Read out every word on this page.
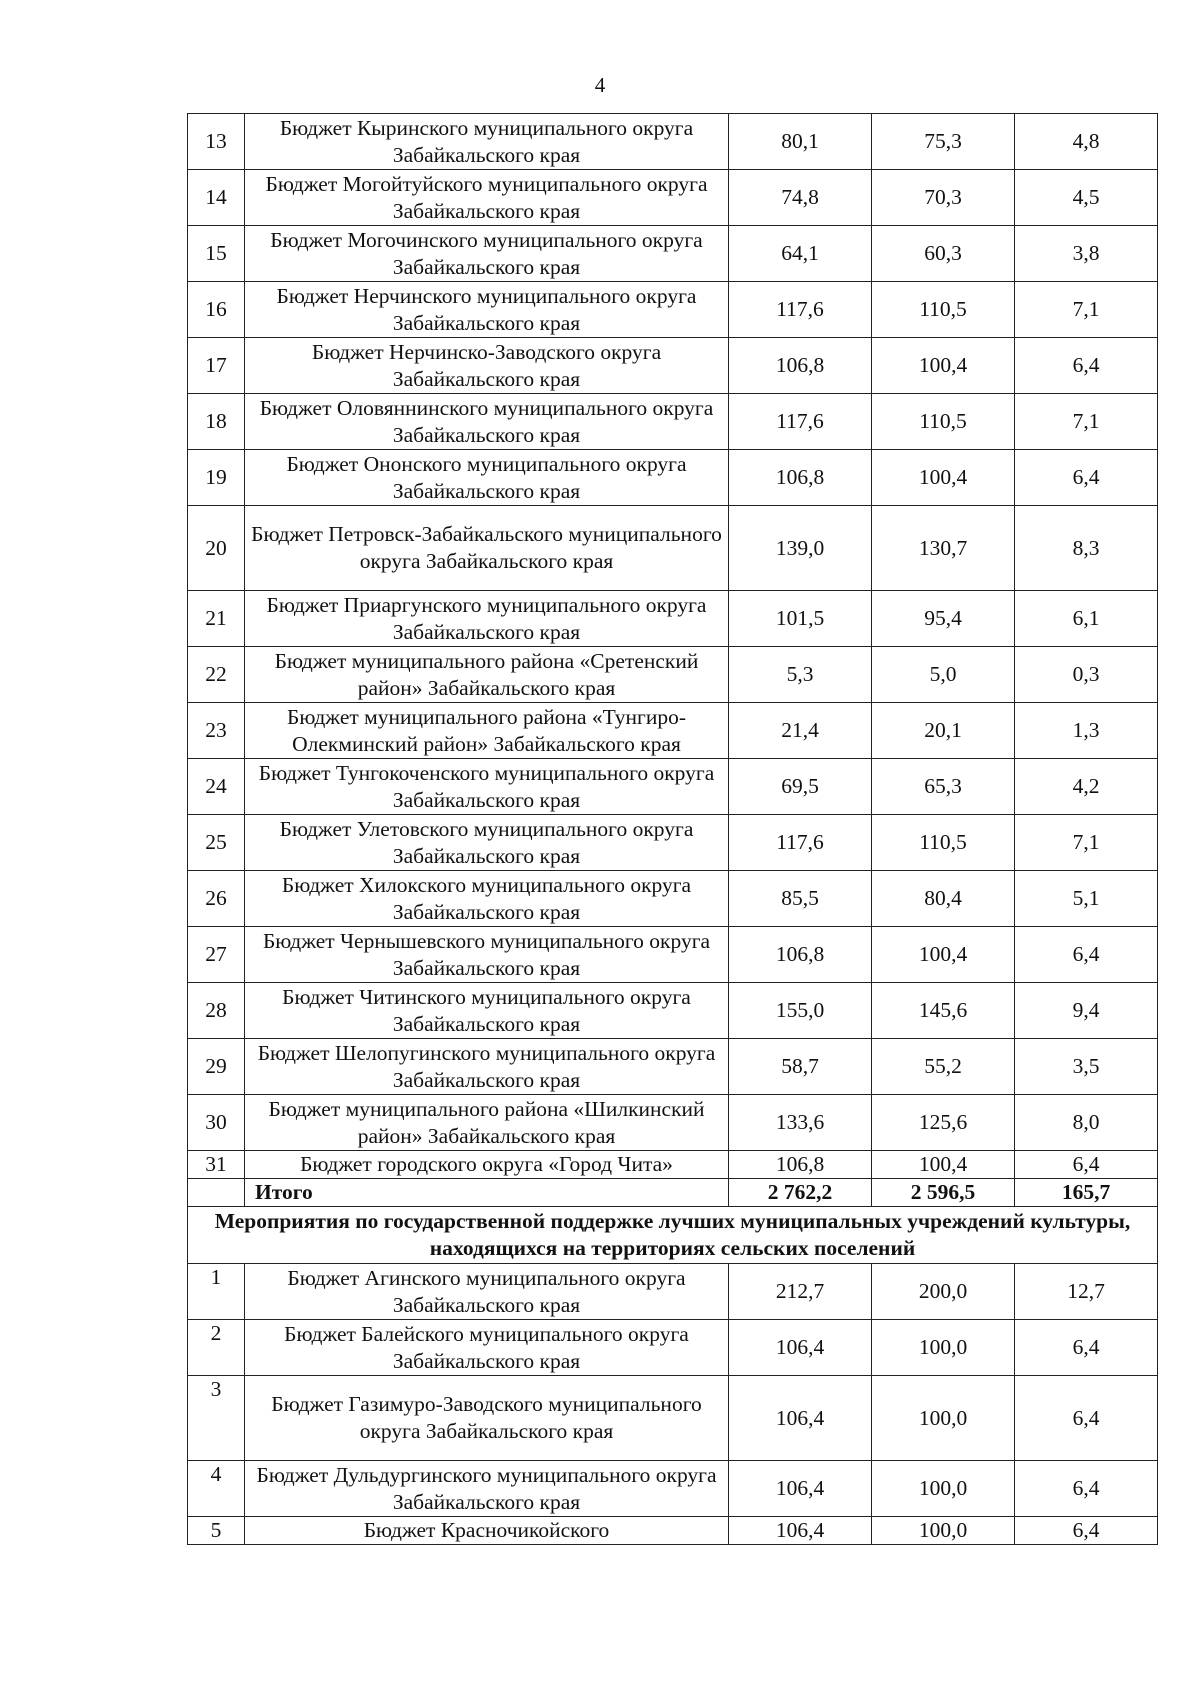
4
13	Бюджет Кыринского муниципального округа Забайкальского края	80,1	75,3	4,8
14	Бюджет Могойтуйского муниципального округа Забайкальского края	74,8	70,3	4,5
15	Бюджет Могочинского муниципального округа Забайкальского края	64,1	60,3	3,8
16	Бюджет Нерчинского муниципального округа Забайкальского края	117,6	110,5	7,1
17	Бюджет Нерчинско-Заводского округа Забайкальского края	106,8	100,4	6,4
18	Бюджет Оловяннинского муниципального округа Забайкальского края	117,6	110,5	7,1
19	Бюджет Ононского муниципального округа Забайкальского края	106,8	100,4	6,4
20	Бюджет Петровск-Забайкальского муниципального округа Забайкальского края	139,0	130,7	8,3
21	Бюджет Приаргунского муниципального округа Забайкальского края	101,5	95,4	6,1
22	Бюджет муниципального района «Сретенский район» Забайкальского края	5,3	5,0	0,3
23	Бюджет муниципального района «Тунгиро-Олекминский район» Забайкальского края	21,4	20,1	1,3
24	Бюджет Тунгокоченского муниципального округа Забайкальского края	69,5	65,3	4,2
25	Бюджет Улетовского муниципального округа Забайкальского края	117,6	110,5	7,1
26	Бюджет Хилокского муниципального округа Забайкальского края	85,5	80,4	5,1
27	Бюджет Чернышевского муниципального округа Забайкальского края	106,8	100,4	6,4
28	Бюджет Читинского муниципального округа Забайкальского края	155,0	145,6	9,4
29	Бюджет Шелопугинского муниципального округа Забайкальского края	58,7	55,2	3,5
30	Бюджет муниципального района «Шилкинский район» Забайкальского края	133,6	125,6	8,0
31	Бюджет городского округа «Город Чита»	106,8	100,4	6,4
	Итого	2 762,2	2 596,5	165,7
Мероприятия по государственной поддержке лучших муниципальных учреждений культуры, находящихся на территориях сельских поселений				
1	Бюджет Агинского муниципального округа Забайкальского края	212,7	200,0	12,7
2	Бюджет Балейского муниципального округа Забайкальского края	106,4	100,0	6,4
3	Бюджет Газимуро-Заводского муниципального округа Забайкальского края	106,4	100,0	6,4
4	Бюджет Дульдургинского муниципального округа Забайкальского края	106,4	100,0	6,4
5	Бюджет Красночикойского	106,4	100,0	6,4
